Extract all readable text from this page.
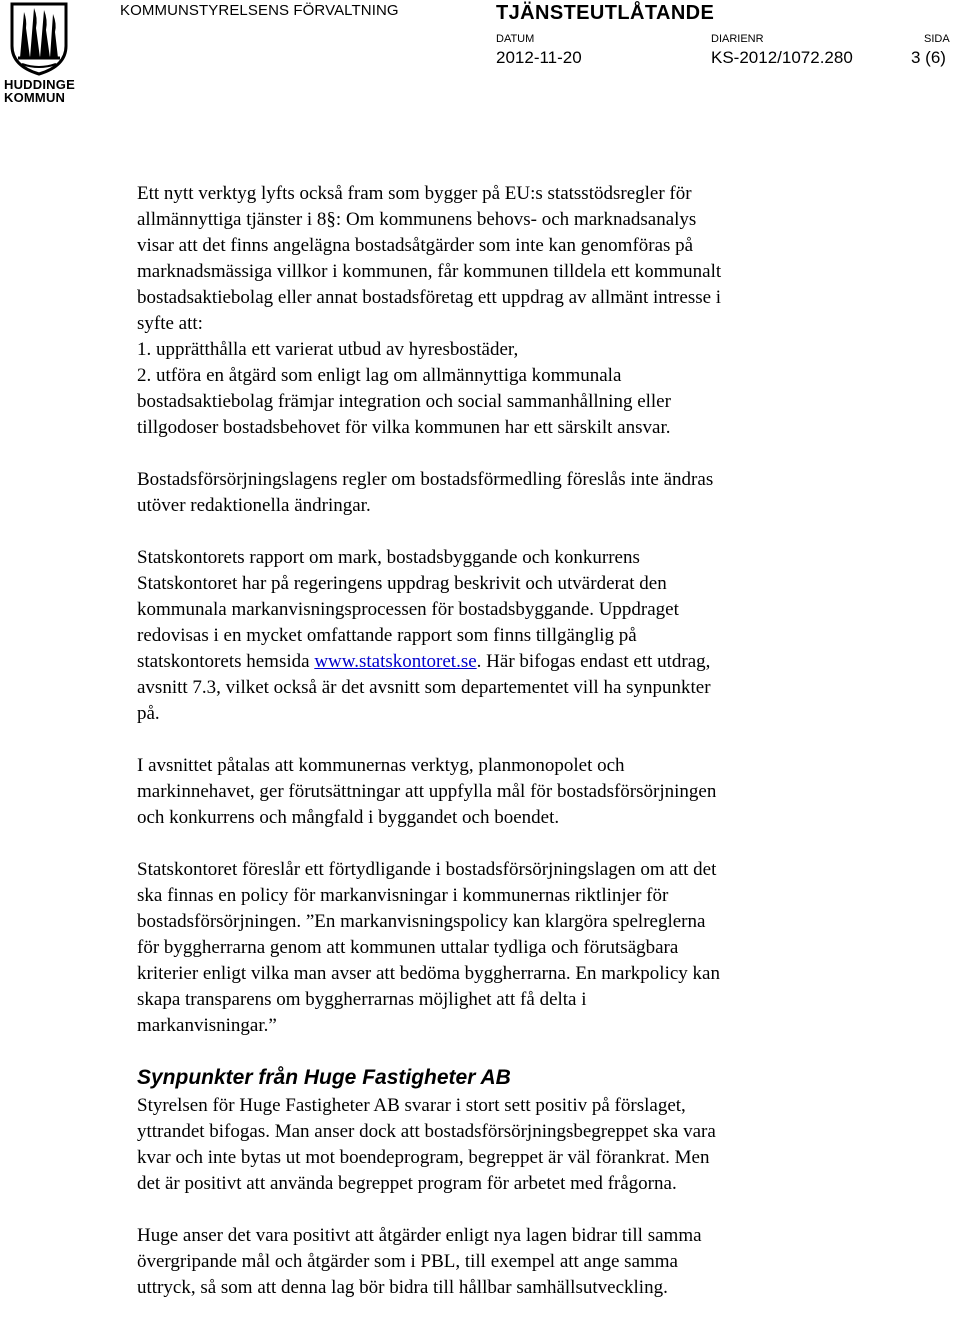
HUDDINGE
KOMMUN
KOMMUNSTYRELSENS FÖRVALTNING	TJÄNSTEUTLÅTANDE
DATUM
2012-11-20
DIARIENR
KS-2012/1072.280
SIDA
3 (6)

Ett nytt verktyg lyfts också fram som bygger på EU:s statsstödsregler för

allmännyttiga tjänster i 8§: Om kommunens behovs- och marknadsanalys

visar att det finns angelägna bostadsåtgärder som inte kan genomföras på

marknadsmässiga villkor i kommunen, får kommunen tilldela ett kommunalt

bostadsaktiebolag eller annat bostadsföretag ett uppdrag av allmänt intresse i

syfte att:

1. upprätthålla ett varierat utbud av hyresbostäder,

2. utföra en åtgärd som enligt lag om allmännyttiga kommunala

bostadsaktiebolag främjar integration och social sammanhållning eller

tillgodoser bostadsbehovet för vilka kommunen har ett särskilt ansvar.

Bostadsförsörjningslagens regler om bostadsförmedling föreslås inte ändras

utöver redaktionella ändringar.

Statskontorets rapport om mark, bostadsbyggande och konkurrens

Statskontoret har på regeringens uppdrag beskrivit och utvärderat den

kommunala markanvisningsprocessen för bostadsbyggande. Uppdraget

redovisas i en mycket omfattande rapport som finns tillgänglig på

statskontorets hemsida www.statskontoret.se. Här bifogas endast ett utdrag,

avsnitt 7.3, vilket också är det avsnitt som departementet vill ha synpunkter

på.

I avsnittet påtalas att kommunernas verktyg, planmonopolet och

markinnehavet, ger förutsättningar att uppfylla mål för bostadsförsörjningen

och konkurrens och mångfald i byggandet och boendet.

Statskontoret föreslår ett förtydligande i bostadsförsörjningslagen om att det

ska finnas en policy för markanvisningar i kommunernas riktlinjer för

bostadsförsörjningen. ”En markanvisningspolicy kan klargöra spelreglerna

för byggherrarna genom att kommunen uttalar tydliga och förutsägbara

kriterier enligt vilka man avser att bedöma byggherrarna. En markpolicy kan

skapa transparens om byggherrarnas möjlighet att få delta i

markanvisningar.”

Synpunkter från Huge Fastigheter AB

Styrelsen för Huge Fastigheter AB svarar i stort sett positiv på förslaget,

yttrandet bifogas. Man anser dock att bostadsförsörjningsbegreppet ska vara

kvar och inte bytas ut mot boendeprogram, begreppet är väl förankrat. Men

det är positivt att använda begreppet program för arbetet med frågorna.

Huge anser det vara positivt att åtgärder enligt nya lagen bidrar till samma

övergripande mål och åtgärder som i PBL, till exempel att ange samma

uttryck, så som att denna lag bör bidra till hållbar samhällsutveckling.
